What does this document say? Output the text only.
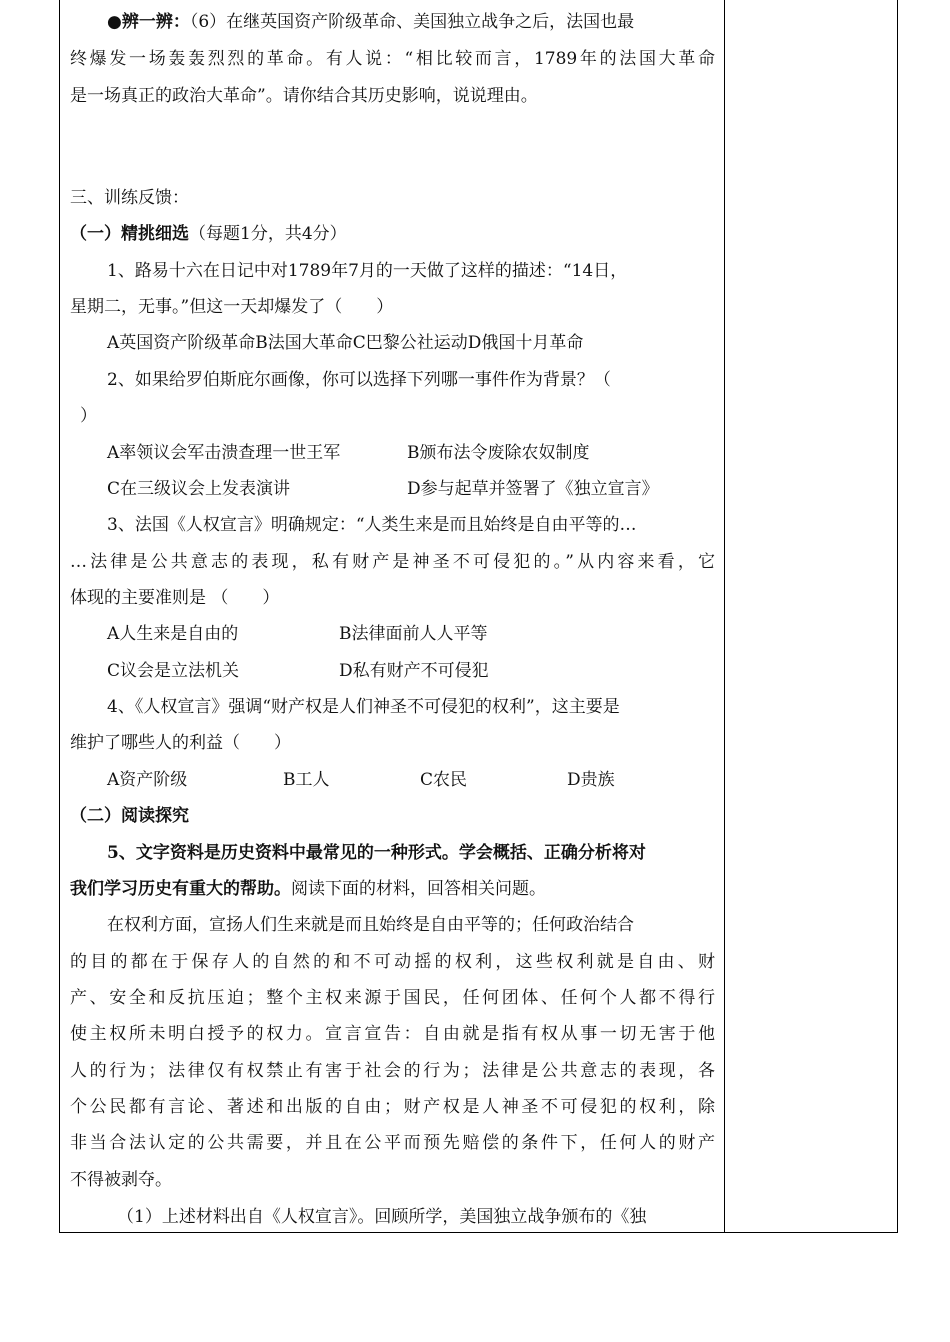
●辨一辨：（6）在继英国资产阶级革命、美国独立战争之后，法国也最
终爆发一场轰轰烈烈的革命。有人说：“相比较而言，1789年的法国大革命
是一场真正的政治大革命”。请你结合其历史影响，说说理由。
三、训练反馈：
（一）精挑细选（每题1分，共4分）
1、路易十六在日记中对1789年7月的一天做了这样的描述：“14日，
星期二，无事。”但这一天却爆发了（　　）
A英国资产阶级革命B法国大革命C巴黎公社运动D俄国十月革命
2、如果给罗伯斯庇尔画像，你可以选择下列哪一事件作为背景？（
）
A率领议会军击溃查理一世王军	B颁布法令废除农奴制度
C在三级议会上发表演讲	D参与起草并签署了《独立宣言》
3、法国《人权宣言》明确规定：“人类生来是而且始终是自由平等的…
…法律是公共意志的表现，私有财产是神圣不可侵犯的。”从内容来看，它
体现的主要准则是 （　　）
A人生来是自由的	B法律面前人人平等
C议会是立法机关	D私有财产不可侵犯
4、《人权宣言》强调“财产权是人们神圣不可侵犯的权利”，这主要是
维护了哪些人的利益（　　）
A资产阶级	B工人	C农民	D贵族
（二）阅读探究
5、文字资料是历史资料中最常见的一种形式。学会概括、正确分析将对
我们学习历史有重大的帮助。阅读下面的材料，回答相关问题。
在权利方面，宣扬人们生来就是而且始终是自由平等的；任何政治结合
的目的都在于保存人的自然的和不可动摇的权利，这些权利就是自由、财
产、安全和反抗压迫；整个主权来源于国民，任何团体、任何个人都不得行
使主权所未明白授予的权力。宣言宣告：自由就是指有权从事一切无害于他
人的行为；法律仅有权禁止有害于社会的行为；法律是公共意志的表现，各
个公民都有言论、著述和出版的自由；财产权是人神圣不可侵犯的权利，除
非当合法认定的公共需要，并且在公平而预先赔偿的条件下，任何人的财产
不得被剥夺。
（1）上述材料出自《人权宣言》。回顾所学，美国独立战争颁布的《独
